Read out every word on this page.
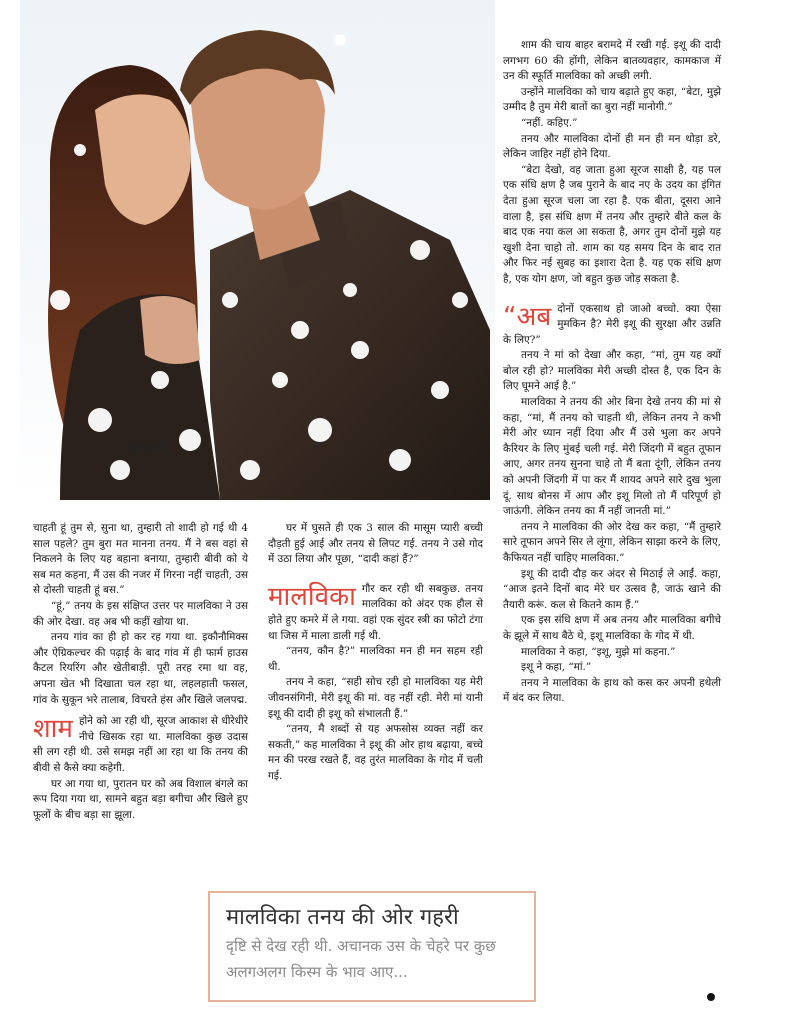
jaya

चाहती हूं तुम से, सुना था, तुम्हारी तो शादी हो गई थी 4 साल पहले? तुम बुरा मत मानना तनय. मैं ने बस वहां से निकलने के लिए यह बहाना बनाया, तुम्हारी बीवी को ये सब मत कहना, मैं उस की नजर में गिरना नहीं चाहती, उस से दोस्ती चाहती हूं बस.”

“हूं,” तनय के इस संक्षिप्त उत्तर पर मालविका ने उस की ओर देखा. वह अब भी कहीं खोया था.

तनय गांव का ही हो कर रह गया था. इकौनौमिक्स और ऐग्रिकल्चर की पढ़ाई के बाद गांव में ही फार्म हाउस कैटल रियरिंग और खेतीबाड़ी. पूरी तरह रमा था वह, अपना खेत भी दिखाता चल रहा था, लहलहाती फसल, गांव के सुकून भरे तालाब, विचरते हंस और खिले जलपद्म.

शाम होने को आ रही थी, सूरज आकाश से धीरेधीरे नीचे खिसक रहा था. मालविका कुछ उदास सी लग रही थी. उसे समझ नहीं आ रहा था कि तनय की बीवी से कैसे क्या कहेगी.

घर आ गया था, पुरातन घर को अब विशाल बंगले का रूप दिया गया था, सामने बहुत बड़ा बगीचा और खिले हुए फूलों के बीच बड़ा सा झूला.

घर में घुसते ही एक 3 साल की मासूम प्यारी बच्ची दौड़ती हुई आई और तनय से लिपट गई. तनय ने उसे गोद में उठा लिया और पूछा, “दादी कहां हैं?”

मालविका गौर कर रही थी सबकुछ. तनय मालविका को अंदर एक हौल से होते हुए कमरे में ले गया. वहां एक सुंदर स्त्री का फोटो टंगा था जिस में माला डाली गई थी.

“तनय, कौन है?” मालविका मन ही मन सहम रही थी.

तनय ने कहा, “सही सोच रही हो मालविका यह मेरी जीवनसंगिनी, मेरी इशू की मां. वह नहीं रही. मेरी मां यानी इशू की दादी ही इशू को संभालती हैं.”

“तनय, मै शब्दों से यह अफसोस व्यक्त नहीं कर सकती,” कह मालविका ने इशू की ओर हाथ बढ़ाया, बच्चे मन की परख रखते हैं, वह तुरंत मालविका के गोद में चली गई.

शाम की चाय बाहर बरामदे में रखी गई. इशू की दादी लगभग 60 की होंगी, लेकिन बातव्यवहार, कामकाज में उन की स्फूर्ति मालविका को अच्छी लगी.

उन्होंने मालविका को चाय बढ़ाते हुए कहा, “बेटा, मुझे उम्मीद है तुम मेरी बातों का बुरा नहीं मानोगी.”

“नहीं. कहिए.”

तनय और मालविका दोनों ही मन ही मन थोड़ा डरे, लेकिन जाहिर नहीं होने दिया.

“बेटा देखो, वह जाता हुआ सूरज साक्षी है, यह पल एक संधि क्षण है जब पुराने के बाद नए के उदय का इंगित देता हुआ सूरज चला जा रहा है. एक बीता, दूसरा आने वाला है, इस संधि क्षण में तनय और तुम्हारे बीते कल के बाद एक नया कल आ सकता है, अगर तुम दोनों मुझे यह खुशी देना चाहो तो. शाम का यह समय दिन के बाद रात और फिर नई सुबह का इशारा देता है. यह एक संधि क्षण है, एक योग क्षण, जो बहुत कुछ जोड़ सकता है.

“अब दोनों एकसाथ हो जाओ बच्चो. क्या ऐसा मुमकिन है? मेरी इशू की सुरक्षा और उन्नति के लिए?”

तनय ने मां को देखा और कहा, “मां, तुम यह क्यों बोल रही हो? मालविका मेरी अच्छी दोस्त है, एक दिन के लिए घूमने आई है.”

मालविका ने तनय की ओर बिना देखे तनय की मां से कहा, “मां, मैं तनय को चाहती थी, लेकिन तनय ने कभी मेरी ओर ध्यान नहीं दिया और मैं उसे भुला कर अपने कैरियर के लिए मुंबई चली गई. मेरी जिंदगी में बहुत तूफान आए, अगर तनय सुनना चाहे तो मैं बता दूंगी, लेकिन तनय को अपनी जिंदगी में पा कर मैं शायद अपने सारे दुख भुला दूं. साथ बोनस में आप और इशू मिलो तो मैं परिपूर्ण हो जाऊंगी. लेकिन तनय का मैं नहीं जानती मां.”

तनय ने मालविका की ओर देख कर कहा, “मैं तुम्हारे सारे तूफान अपने सिर ले लूंगा, लेकिन साझा करने के लिए, कैफियत नहीं चाहिए मालविका.”

इशू की दादी दौड़ कर अंदर से मिठाई ले आईं. कहा, “आज इतने दिनों बाद मेरे घर उत्सव है, जाऊं खाने की तैयारी करूं. कल से कितने काम हैं.”

एक इस संधि क्षण में अब तनय और मालविका बगीचे के झूले में साथ बैठे थे, इशू मालविका के गोद में थी.

मालविका ने कहा, “इशू, मुझे मां कहना.”

इशू ने कहा, “मां.”

तनय ने मालविका के हाथ को कस कर अपनी हथेली में बंद कर लिया.

मालविका तनय की ओर गहरी
दृष्टि से देख रही थी. अचानक उस के चेहरे पर कुछ अलगअलग किस्म के भाव आए...
